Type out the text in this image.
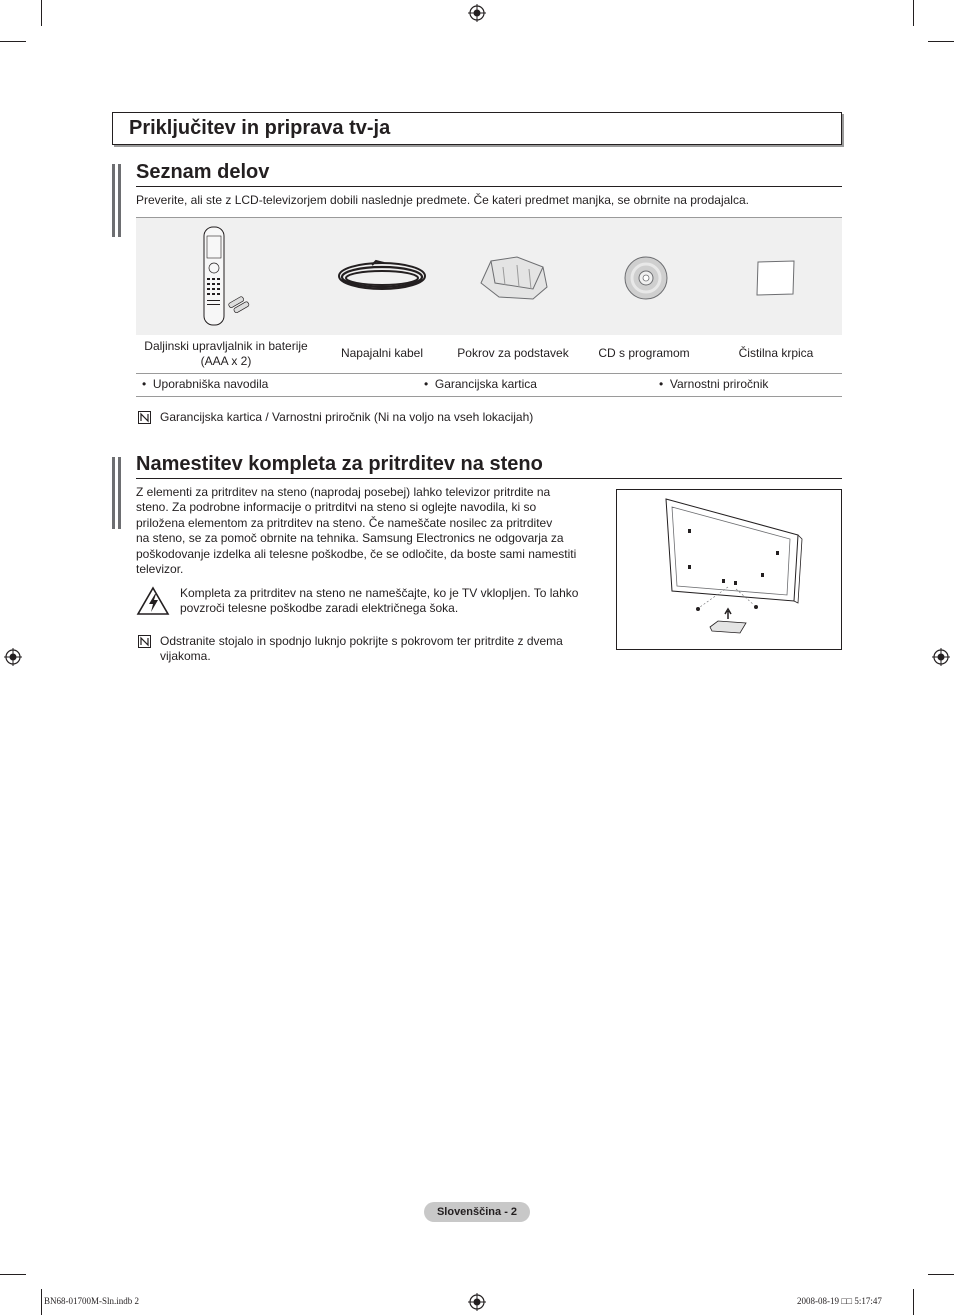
Priključitev in priprava tv-ja
Seznam delov
Preverite, ali ste z LCD-televizorjem dobili naslednje predmete. Če kateri predmet manjka, se obrnite na prodajalca.
Daljinski upravljalnik in baterije
(AAA x 2)
Napajalni kabel	Pokrov za podstavek	CD s programom	Čistilna krpica
• Uporabniška navodila	• Garancijska kartica	• Varnostni priročnik
Garancijska kartica / Varnostni priročnik (Ni na voljo na vseh lokacijah)
Namestitev kompleta za pritrditev na steno
Z elementi za pritrditev na steno (naprodaj posebej) lahko televizor pritrdite na
steno. Za podrobne informacije o pritrditvi na steno si oglejte navodila, ki so
priložena elementom za pritrditev na steno. Če nameščate nosilec za pritrditev
na steno, se za pomoč obrnite na tehnika. Samsung Electronics ne odgovarja za
poškodovanje izdelka ali telesne poškodbe, če se odločite, da boste sami namestiti
televizor.
Kompleta za pritrditev na steno ne nameščajte, ko je TV vklopljen. To lahko
povzroči telesne poškodbe zaradi električnega šoka.
Odstranite stojalo in spodnjo luknjo pokrijte s pokrovom ter pritrdite z dvema
vijakoma.
Slovenščina - 2
BN68-01700M-Sln.indb 2	2008-08-19 □□ 5:17:47
